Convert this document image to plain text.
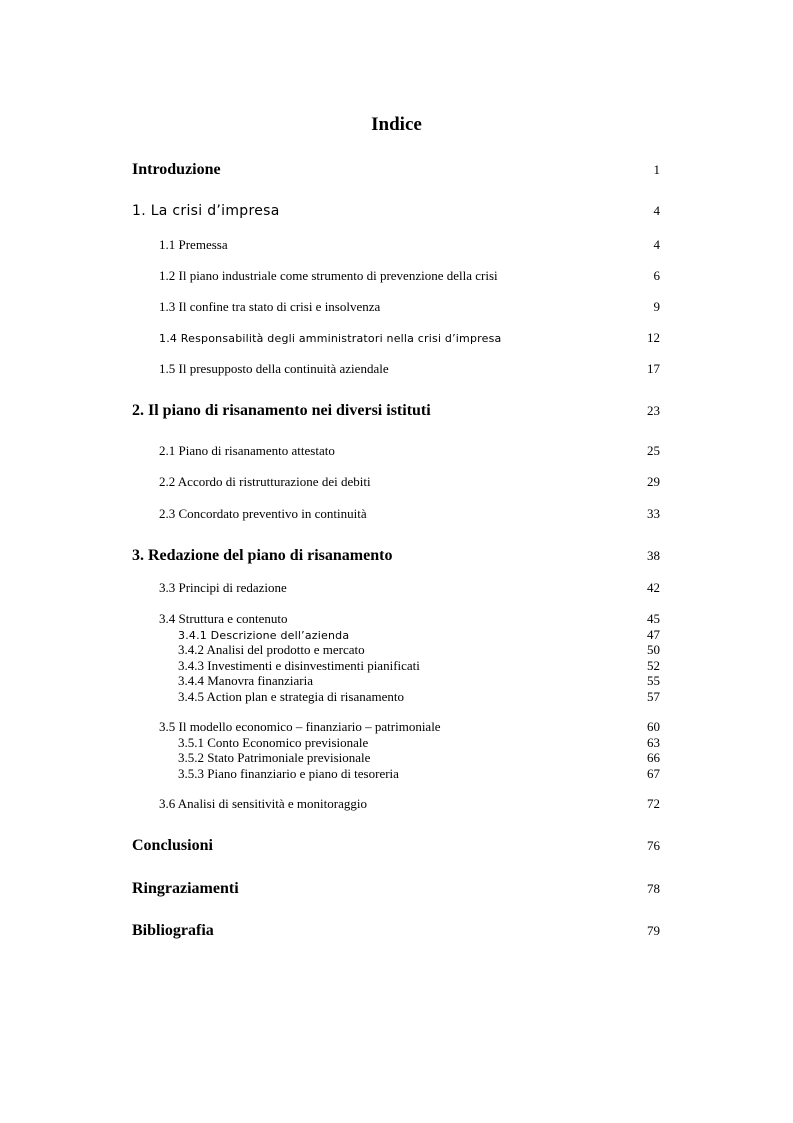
Indice
Introduzione	1
1. La crisi d’impresa	4
1.1 Premessa	4
1.2 Il piano industriale come strumento di prevenzione della crisi	6
1.3 Il confine tra stato di crisi e insolvenza	9
1.4 Responsabilità degli amministratori nella crisi d’impresa	12
1.5 Il presupposto della continuità aziendale	17
2. Il piano di risanamento nei diversi istituti	23
2.1 Piano di risanamento attestato	25
2.2 Accordo di ristrutturazione dei debiti	29
2.3 Concordato preventivo in continuità	33
3. Redazione del piano di risanamento	38
3.3 Principi di redazione	42
3.4 Struttura e contenuto	45
3.4.1 Descrizione dell’azienda	47
3.4.2 Analisi del prodotto e mercato	50
3.4.3 Investimenti e disinvestimenti pianificati	52
3.4.4 Manovra finanziaria	55
3.4.5 Action plan e strategia di risanamento	57
3.5 Il modello economico – finanziario – patrimoniale	60
3.5.1 Conto Economico previsionale	63
3.5.2 Stato Patrimoniale previsionale	66
3.5.3 Piano finanziario e piano di tesoreria	67
3.6 Analisi di sensitività e monitoraggio	72
Conclusioni	76
Ringraziamenti	78
Bibliografia	79
